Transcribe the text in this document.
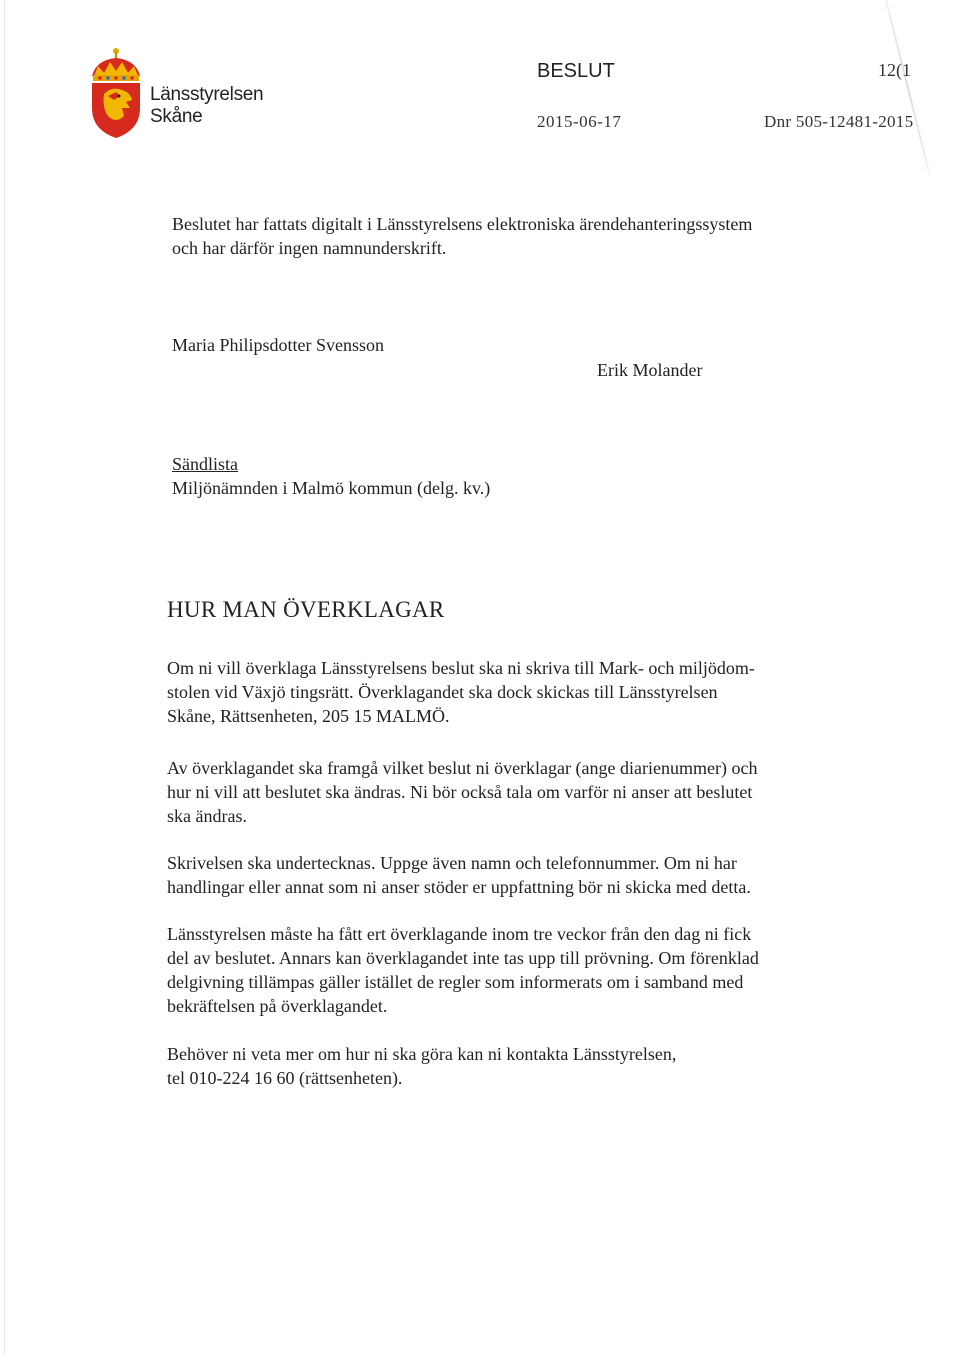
Länsstyrelsen
Skåne
BESLUT	12(1
2015-06-17	Dnr 505-12481-2015
Beslutet har fattats digitalt i Länsstyrelsens elektroniska ärendehanteringssystem
och har därför ingen namnunderskrift.
Maria Philipsdotter Svensson
Erik Molander
Sändlista
Miljönämnden i Malmö kommun (delg. kv.)
HUR MAN ÖVERKLAGAR

Om ni vill överklaga Länsstyrelsens beslut ska ni skriva till Mark- och miljödom-
stolen vid Växjö tingsrätt. Överklagandet ska dock skickas till Länsstyrelsen
Skåne, Rättsenheten, 205 15 MALMÖ.

Av överklagandet ska framgå vilket beslut ni överklagar (ange diarienummer) och
hur ni vill att beslutet ska ändras. Ni bör också tala om varför ni anser att beslutet
ska ändras.

Skrivelsen ska undertecknas. Uppge även namn och telefonnummer. Om ni har
handlingar eller annat som ni anser stöder er uppfattning bör ni skicka med detta.

Länsstyrelsen måste ha fått ert överklagande inom tre veckor från den dag ni fick
del av beslutet. Annars kan överklagandet inte tas upp till prövning. Om förenklad
delgivning tillämpas gäller istället de regler som informerats om i samband med
bekräftelsen på överklagandet.

Behöver ni veta mer om hur ni ska göra kan ni kontakta Länsstyrelsen,
tel 010-224 16 60 (rättsenheten).
